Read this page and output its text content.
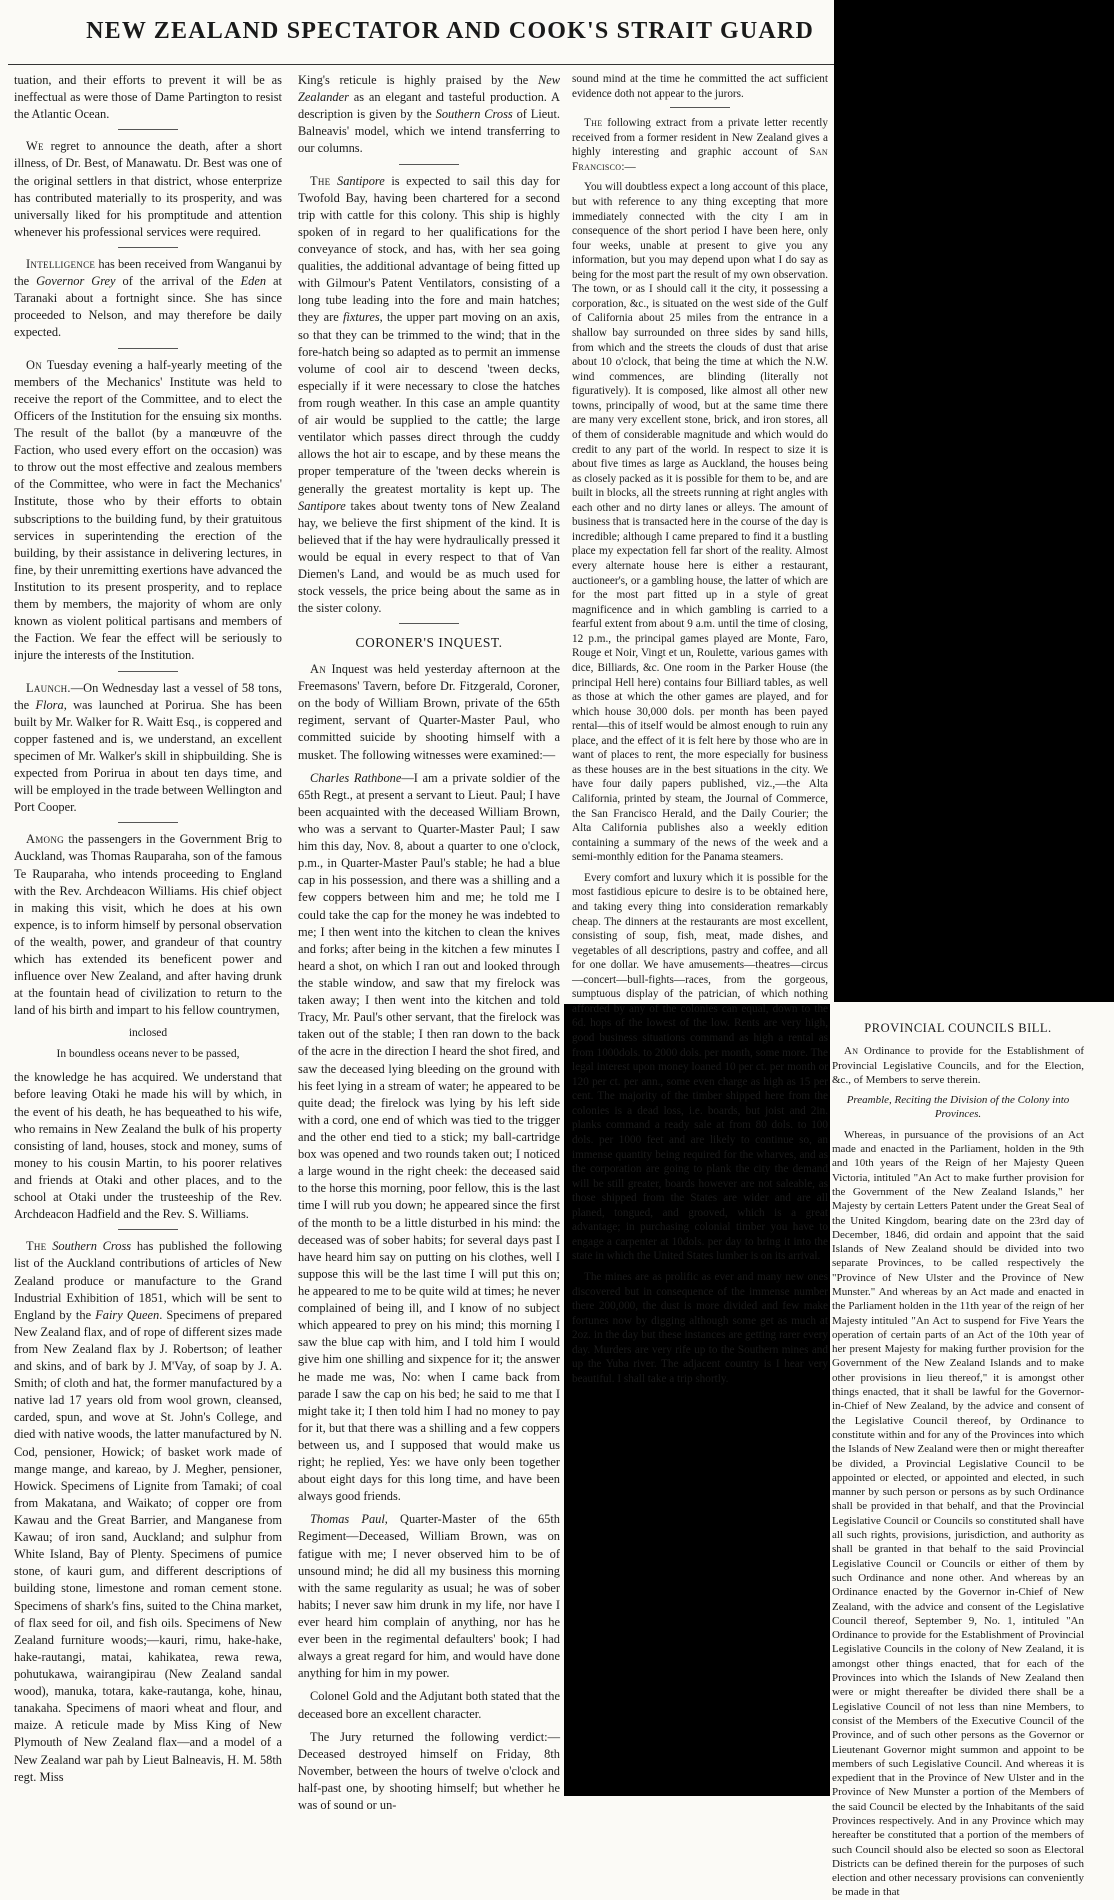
NEW ZEALAND SPECTATOR AND COOK'S STRAIT GUARD

tuation, and their efforts to prevent it will be as ineffectual as were those of Dame Partington to resist the Atlantic Ocean.

We regret to announce the death, after a short illness, of Dr. Best, of Manawatu. Dr. Best was one of the original settlers in that district, whose enterprize has contributed materially to its prosperity, and was universally liked for his promptitude and attention whenever his professional services were required.

Intelligence has been received from Wanganui by the Governor Grey of the arrival of the Eden at Taranaki about a fortnight since. She has since proceeded to Nelson, and may therefore be daily expected.

On Tuesday evening a half-yearly meeting of the members of the Mechanics' Institute was held to receive the report of the Committee, and to elect the Officers of the Institution for the ensuing six months. The result of the ballot (by a manœuvre of the Faction, who used every effort on the occasion) was to throw out the most effective and zealous members of the Committee, who were in fact the Mechanics' Institute, those who by their efforts to obtain subscriptions to the building fund, by their gratuitous services in superintending the erection of the building, by their assistance in delivering lectures, in fine, by their unremitting exertions have advanced the Institution to its present prosperity, and to replace them by members, the majority of whom are only known as violent political partisans and members of the Faction. We fear the effect will be seriously to injure the interests of the Institution.

Launch.—On Wednesday last a vessel of 58 tons, the Flora, was launched at Porirua. She has been built by Mr. Walker for R. Waitt Esq., is coppered and copper fastened and is, we understand, an excellent specimen of Mr. Walker's skill in shipbuilding. She is expected from Porirua in about ten days time, and will be employed in the trade between Wellington and Port Cooper.

Among the passengers in the Government Brig to Auckland, was Thomas Rauparaha, son of the famous Te Rauparaha, who intends proceeding to England with the Rev. Archdeacon Williams. His chief object in making this visit, which he does at his own expence, is to inform himself by personal observation of the wealth, power, and grandeur of that country which has extended its beneficent power and influence over New Zealand, and after having drunk at the fountain head of civilization to return to the land of his birth and impart to his fellow countrymen,

inclosed

In boundless oceans never to be passed,

the knowledge he has acquired. We understand that before leaving Otaki he made his will by which, in the event of his death, he has bequeathed to his wife, who remains in New Zealand the bulk of his property consisting of land, houses, stock and money, sums of money to his cousin Martin, to his poorer relatives and friends at Otaki and other places, and to the school at Otaki under the trusteeship of the Rev. Archdeacon Hadfield and the Rev. S. Williams.

The Southern Cross has published the following list of the Auckland contributions of articles of New Zealand produce or manufacture to the Grand Industrial Exhibition of 1851, which will be sent to England by the Fairy Queen. Specimens of prepared New Zealand flax, and of rope of different sizes made from New Zealand flax by J. Robertson; of leather and skins, and of bark by J. M'Vay, of soap by J. A. Smith; of cloth and hat, the former manufactured by a native lad 17 years old from wool grown, cleansed, carded, spun, and wove at St. John's College, and died with native woods, the latter manufactured by N. Cod, pensioner, Howick; of basket work made of mange mange, and kareao, by J. Megher, pensioner, Howick. Specimens of Lignite from Tamaki; of coal from Makatana, and Waikato; of copper ore from Kawau and the Great Barrier, and Manganese from Kawau; of iron sand, Auckland; and sulphur from White Island, Bay of Plenty. Specimens of pumice stone, of kauri gum, and different descriptions of building stone, limestone and roman cement stone. Specimens of shark's fins, suited to the China market, of flax seed for oil, and fish oils. Specimens of New Zealand furniture woods;—kauri, rimu, hake-hake, hake-rautangi, matai, kahikatea, rewa rewa, pohutukawa, wairangipirau (New Zealand sandal wood), manuka, totara, kake-rautanga, kohe, hinau, tanakaha. Specimens of maori wheat and flour, and maize. A reticule made by Miss King of New Plymouth of New Zealand flax—and a model of a New Zealand war pah by Lieut Balneavis, H. M. 58th regt. Miss

King's reticule is highly praised by the New Zealander as an elegant and tasteful production. A description is given by the Southern Cross of Lieut. Balneavis' model, which we intend transferring to our columns.

The Santipore is expected to sail this day for Twofold Bay, having been chartered for a second trip with cattle for this colony. This ship is highly spoken of in regard to her qualifications for the conveyance of stock, and has, with her sea going qualities, the additional advantage of being fitted up with Gilmour's Patent Ventilators, consisting of a long tube leading into the fore and main hatches; they are fixtures, the upper part moving on an axis, so that they can be trimmed to the wind; that in the fore-hatch being so adapted as to permit an immense volume of cool air to descend 'tween decks, especially if it were necessary to close the hatches from rough weather. In this case an ample quantity of air would be supplied to the cattle; the large ventilator which passes direct through the cuddy allows the hot air to escape, and by these means the proper temperature of the 'tween decks wherein is generally the greatest mortality is kept up. The Santipore takes about twenty tons of New Zealand hay, we believe the first shipment of the kind. It is believed that if the hay were hydraulically pressed it would be equal in every respect to that of Van Diemen's Land, and would be as much used for stock vessels, the price being about the same as in the sister colony.

CORONER'S INQUEST.

An Inquest was held yesterday afternoon at the Freemasons' Tavern, before Dr. Fitzgerald, Coroner, on the body of William Brown, private of the 65th regiment, servant of Quarter-Master Paul, who committed suicide by shooting himself with a musket. The following witnesses were examined:—

Charles Rathbone—I am a private soldier of the 65th Regt., at present a servant to Lieut. Paul; I have been acquainted with the deceased William Brown, who was a servant to Quarter-Master Paul; I saw him this day, Nov. 8, about a quarter to one o'clock, p.m., in Quarter-Master Paul's stable; he had a blue cap in his possession, and there was a shilling and a few coppers between him and me; he told me I could take the cap for the money he was indebted to me; I then went into the kitchen to clean the knives and forks; after being in the kitchen a few minutes I heard a shot, on which I ran out and looked through the stable window, and saw that my firelock was taken away; I then went into the kitchen and told Tracy, Mr. Paul's other servant, that the firelock was taken out of the stable; I then ran down to the back of the acre in the direction I heard the shot fired, and saw the deceased lying bleeding on the ground with his feet lying in a stream of water; he appeared to be quite dead; the firelock was lying by his left side with a cord, one end of which was tied to the trigger and the other end tied to a stick; my ball-cartridge box was opened and two rounds taken out; I noticed a large wound in the right cheek: the deceased said to the horse this morning, poor fellow, this is the last time I will rub you down; he appeared since the first of the month to be a little disturbed in his mind: the deceased was of sober habits; for several days past I have heard him say on putting on his clothes, well I suppose this will be the last time I will put this on; he appeared to me to be quite wild at times; he never complained of being ill, and I know of no subject which appeared to prey on his mind; this morning I saw the blue cap with him, and I told him I would give him one shilling and sixpence for it; the answer he made me was, No: when I came back from parade I saw the cap on his bed; he said to me that I might take it; I then told him I had no money to pay for it, but that there was a shilling and a few coppers between us, and I supposed that would make us right; he replied, Yes: we have only been together about eight days for this long time, and have been always good friends.

Thomas Paul, Quarter-Master of the 65th Regiment—Deceased, William Brown, was on fatigue with me; I never observed him to be of unsound mind; he did all my business this morning with the same regularity as usual; he was of sober habits; I never saw him drunk in my life, nor have I ever heard him complain of anything, nor has he ever been in the regimental defaulters' book; I had always a great regard for him, and would have done anything for him in my power.

Colonel Gold and the Adjutant both stated that the deceased bore an excellent character.

The Jury returned the following verdict:—Deceased destroyed himself on Friday, 8th November, between the hours of twelve o'clock and half-past one, by shooting himself; but whether he was of sound or un-

sound mind at the time he committed the act sufficient evidence doth not appear to the jurors.

The following extract from a private letter recently received from a former resident in New Zealand gives a highly interesting and graphic account of San Francisco:—

You will doubtless expect a long account of this place, but with reference to any thing excepting that more immediately connected with the city I am in consequence of the short period I have been here, only four weeks, unable at present to give you any information, but you may depend upon what I do say as being for the most part the result of my own observation. The town, or as I should call it the city, it possessing a corporation, &c., is situated on the west side of the Gulf of California about 25 miles from the entrance in a shallow bay surrounded on three sides by sand hills, from which and the streets the clouds of dust that arise about 10 o'clock, that being the time at which the N.W. wind commences, are blinding (literally not figuratively). It is composed, like almost all other new towns, principally of wood, but at the same time there are many very excellent stone, brick, and iron stores, all of them of considerable magnitude and which would do credit to any part of the world. In respect to size it is about five times as large as Auckland, the houses being as closely packed as it is possible for them to be, and are built in blocks, all the streets running at right angles with each other and no dirty lanes or alleys. The amount of business that is transacted here in the course of the day is incredible; although I came prepared to find it a bustling place my expectation fell far short of the reality. Almost every alternate house here is either a restaurant, auctioneer's, or a gambling house, the latter of which are for the most part fitted up in a style of great magnificence and in which gambling is carried to a fearful extent from about 9 a.m. until the time of closing, 12 p.m., the principal games played are Monte, Faro, Rouge et Noir, Vingt et un, Roulette, various games with dice, Billiards, &c. One room in the Parker House (the principal Hell here) contains four Billiard tables, as well as those at which the other games are played, and for which house 30,000 dols. per month has been payed rental—this of itself would be almost enough to ruin any place, and the effect of it is felt here by those who are in want of places to rent, the more especially for business as these houses are in the best situations in the city. We have four daily papers published, viz.,—the Alta California, printed by steam, the Journal of Commerce, the San Francisco Herald, and the Daily Courier; the Alta California publishes also a weekly edition containing a summary of the news of the week and a semi-monthly edition for the Panama steamers.

Every comfort and luxury which it is possible for the most fastidious epicure to desire is to be obtained here, and taking every thing into consideration remarkably cheap. The dinners at the restaurants are most excellent, consisting of soup, fish, meat, made dishes, and vegetables of all descriptions, pastry and coffee, and all for one dollar. We have amusements—theatres—circus—concert—bull-fights—races, from the gorgeous, sumptuous display of the patrician, of which nothing afforded by any of the colonies can equal, down to the 6d. hops of the lowest of the low. Rents are very high, good business situations command as high a rental as from 1000dols. to 2000 dols. per month, some more. The legal interest upon money loaned 10 per ct. per month or 120 per ct. per ann., some even charge as high as 15 per cent. The majority of the timber shipped here from the colonies is a dead loss, i.e. boards, but joist and 2in. planks command a ready sale at from 80 dols. to 100 dols. per 1000 feet and are likely to continue so, an immense quantity being required for the wharves, and as the corporation are going to plank the city the demand will be still greater, boards however are not saleable, as those shipped from the States are wider and are all planed, tongued, and grooved, which is a great advantage; in purchasing colonial timber you have to engage a carpenter at 10dols. per day to bring it into the state in which the United States lumber is on its arrival.

The mines are as prolific as ever and many new ones discovered but in consequence of the immense number there 200,000, the dust is more divided and few make fortunes now by digging although some get as much at 2oz. in the day but these instances are getting rarer every day. Murders are very rife up to the Southern mines and up the Yuba river. The adjacent country is I hear very beautiful. I shall take a trip shortly.

PROVINCIAL COUNCILS BILL.

An Ordinance to provide for the Establishment of Provincial Legislative Councils, and for the Election, &c., of Members to serve therein.

Preamble, Reciting the Division of the Colony into Provinces.

Whereas, in pursuance of the provisions of an Act made and enacted in the Parliament, holden in the 9th and 10th years of the Reign of her Majesty Queen Victoria, intituled "An Act to make further provision for the Government of the New Zealand Islands," her Majesty by certain Letters Patent under the Great Seal of the United Kingdom, bearing date on the 23rd day of December, 1846, did ordain and appoint that the said Islands of New Zealand should be divided into two separate Provinces, to be called respectively the "Province of New Ulster and the Province of New Munster." And whereas by an Act made and enacted in the Parliament holden in the 11th year of the reign of her Majesty intituled "An Act to suspend for Five Years the operation of certain parts of an Act of the 10th year of her present Majesty for making further provision for the Government of the New Zealand Islands and to make other provisions in lieu thereof," it is amongst other things enacted, that it shall be lawful for the Governor-in-Chief of New Zealand, by the advice and consent of the Legislative Council thereof, by Ordinance to constitute within and for any of the Provinces into which the Islands of New Zealand were then or might thereafter be divided, a Provincial Legislative Council to be appointed or elected, or appointed and elected, in such manner by such person or persons as by such Ordinance shall be provided in that behalf, and that the Provincial Legislative Council or Councils so constituted shall have all such rights, provisions, jurisdiction, and authority as shall be granted in that behalf to the said Provincial Legislative Council or Councils or either of them by such Ordinance and none other. And whereas by an Ordinance enacted by the Governor in-Chief of New Zealand, with the advice and consent of the Legislative Council thereof, September 9, No. 1, intituled "An Ordinance to provide for the Establishment of Provincial Legislative Councils in the colony of New Zealand, it is amongst other things enacted, that for each of the Provinces into which the Islands of New Zealand then were or might thereafter be divided there shall be a Legislative Council of not less than nine Members, to consist of the Members of the Executive Council of the Province, and of such other persons as the Governor or Lieutenant Governor might summon and appoint to be members of such Legislative Council. And whereas it is expedient that in the Province of New Ulster and in the Province of New Munster a portion of the Members of the said Council be elected by the Inhabitants of the said Provinces respectively. And in any Province which may hereafter be constituted that a portion of the members of such Council should also be elected so soon as Electoral Districts can be defined therein for the purposes of such election and other necessary provisions can conveniently be made in that
